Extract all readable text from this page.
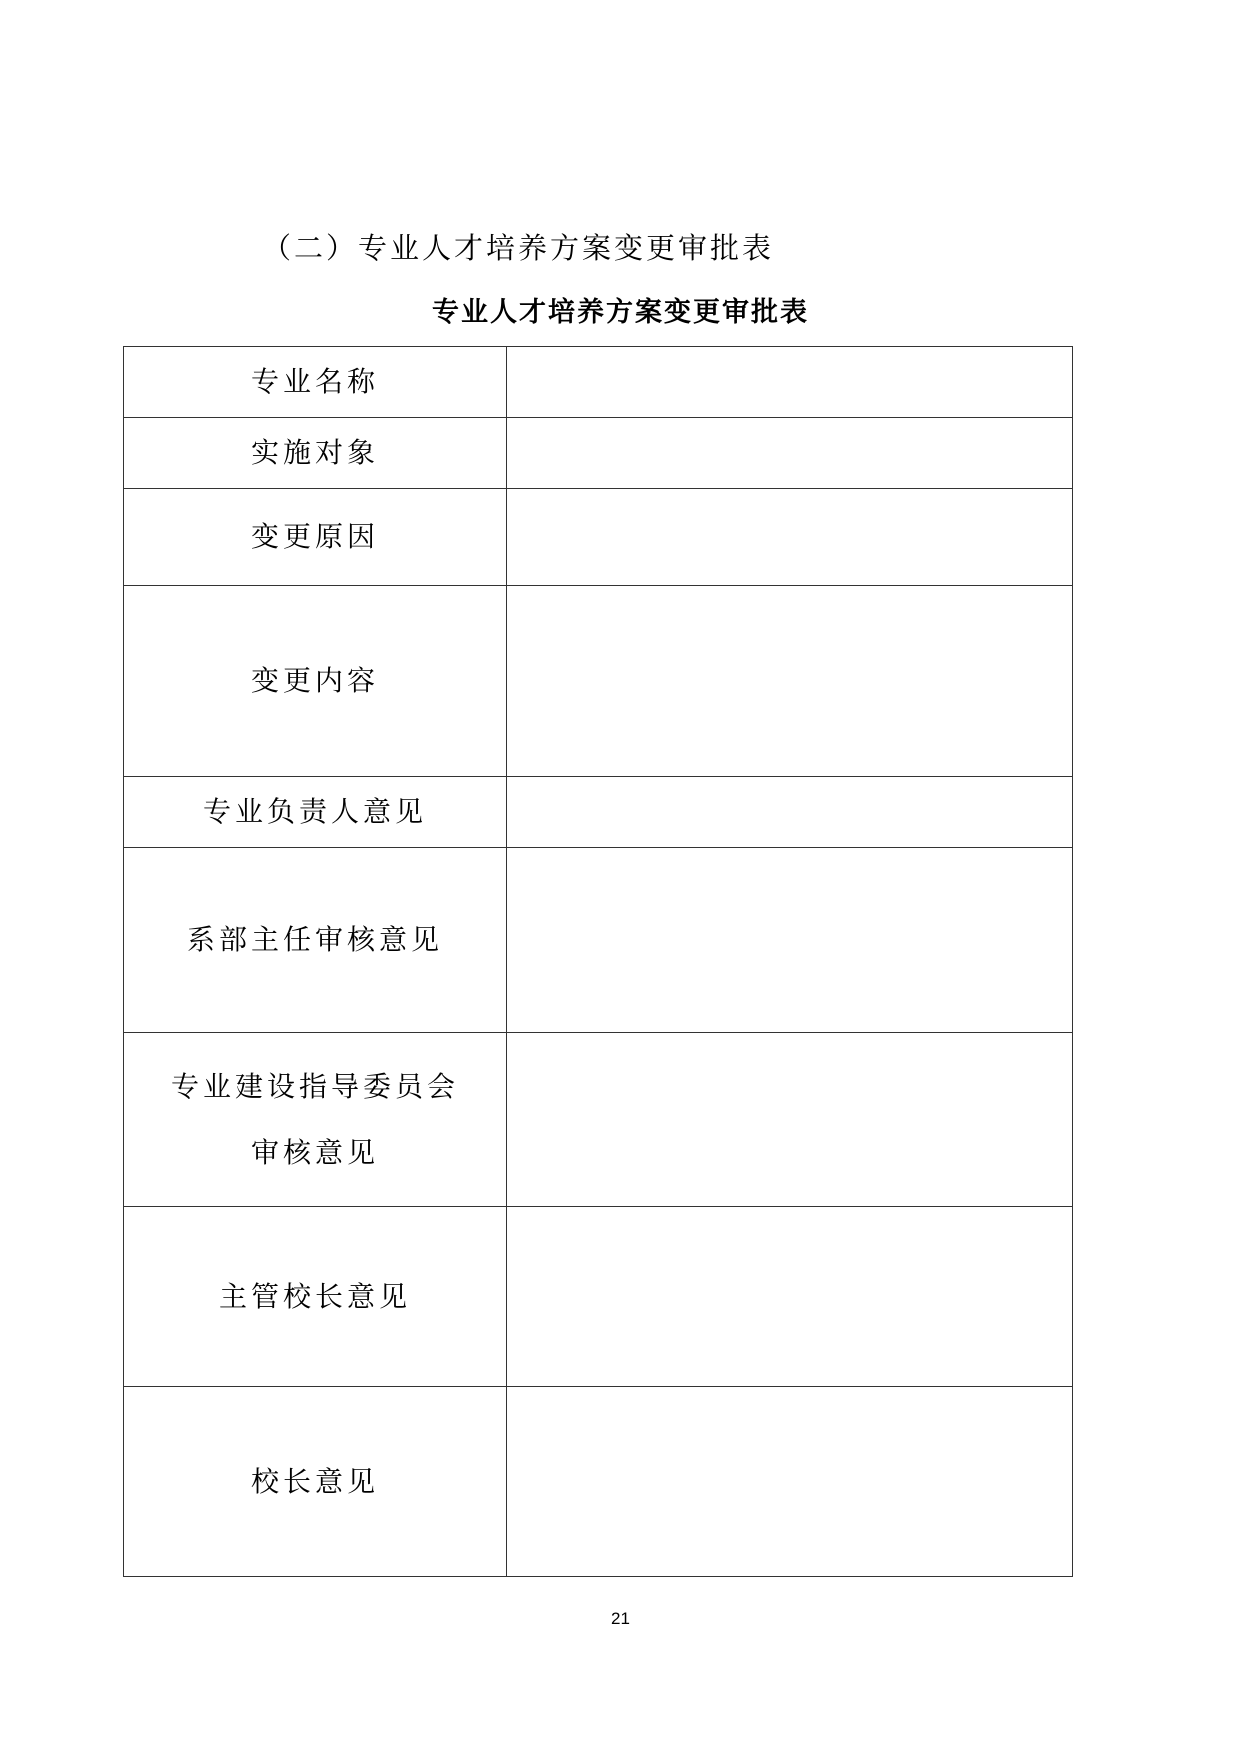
（二）专业人才培养方案变更审批表
专业人才培养方案变更审批表
专业名称	
实施对象	
变更原因	
变更内容	
专业负责人意见	
系部主任审核意见	

专业建设指导委员会
审核意见	

主管校长意见	
校长意见	
21
